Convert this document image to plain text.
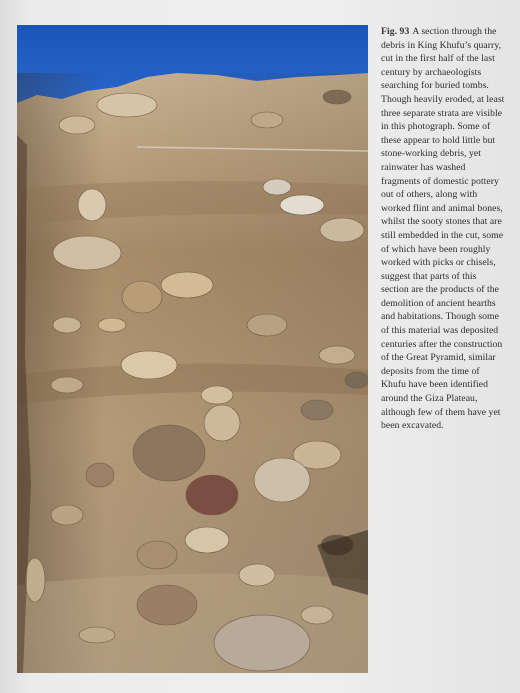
Fig. 93 A section through the debris in King Khufu’s quarry, cut in the first half of the last century by archaeologists searching for buried tombs. Though heavily eroded, at least three separate strata are visible in this photograph. Some of these appear to hold little but stone-working debris, yet rainwater has washed fragments of domestic pottery out of others, along with worked flint and animal bones, whilst the sooty stones that are still embedded in the cut, some of which have been roughly worked with picks or chisels, suggest that parts of this section are the products of the demolition of ancient hearths and habitations. Though some of this material was deposited centuries after the construction of the Great Pyramid, similar deposits from the time of Khufu have been identified around the Giza Plateau, although few of them have yet been excavated.
